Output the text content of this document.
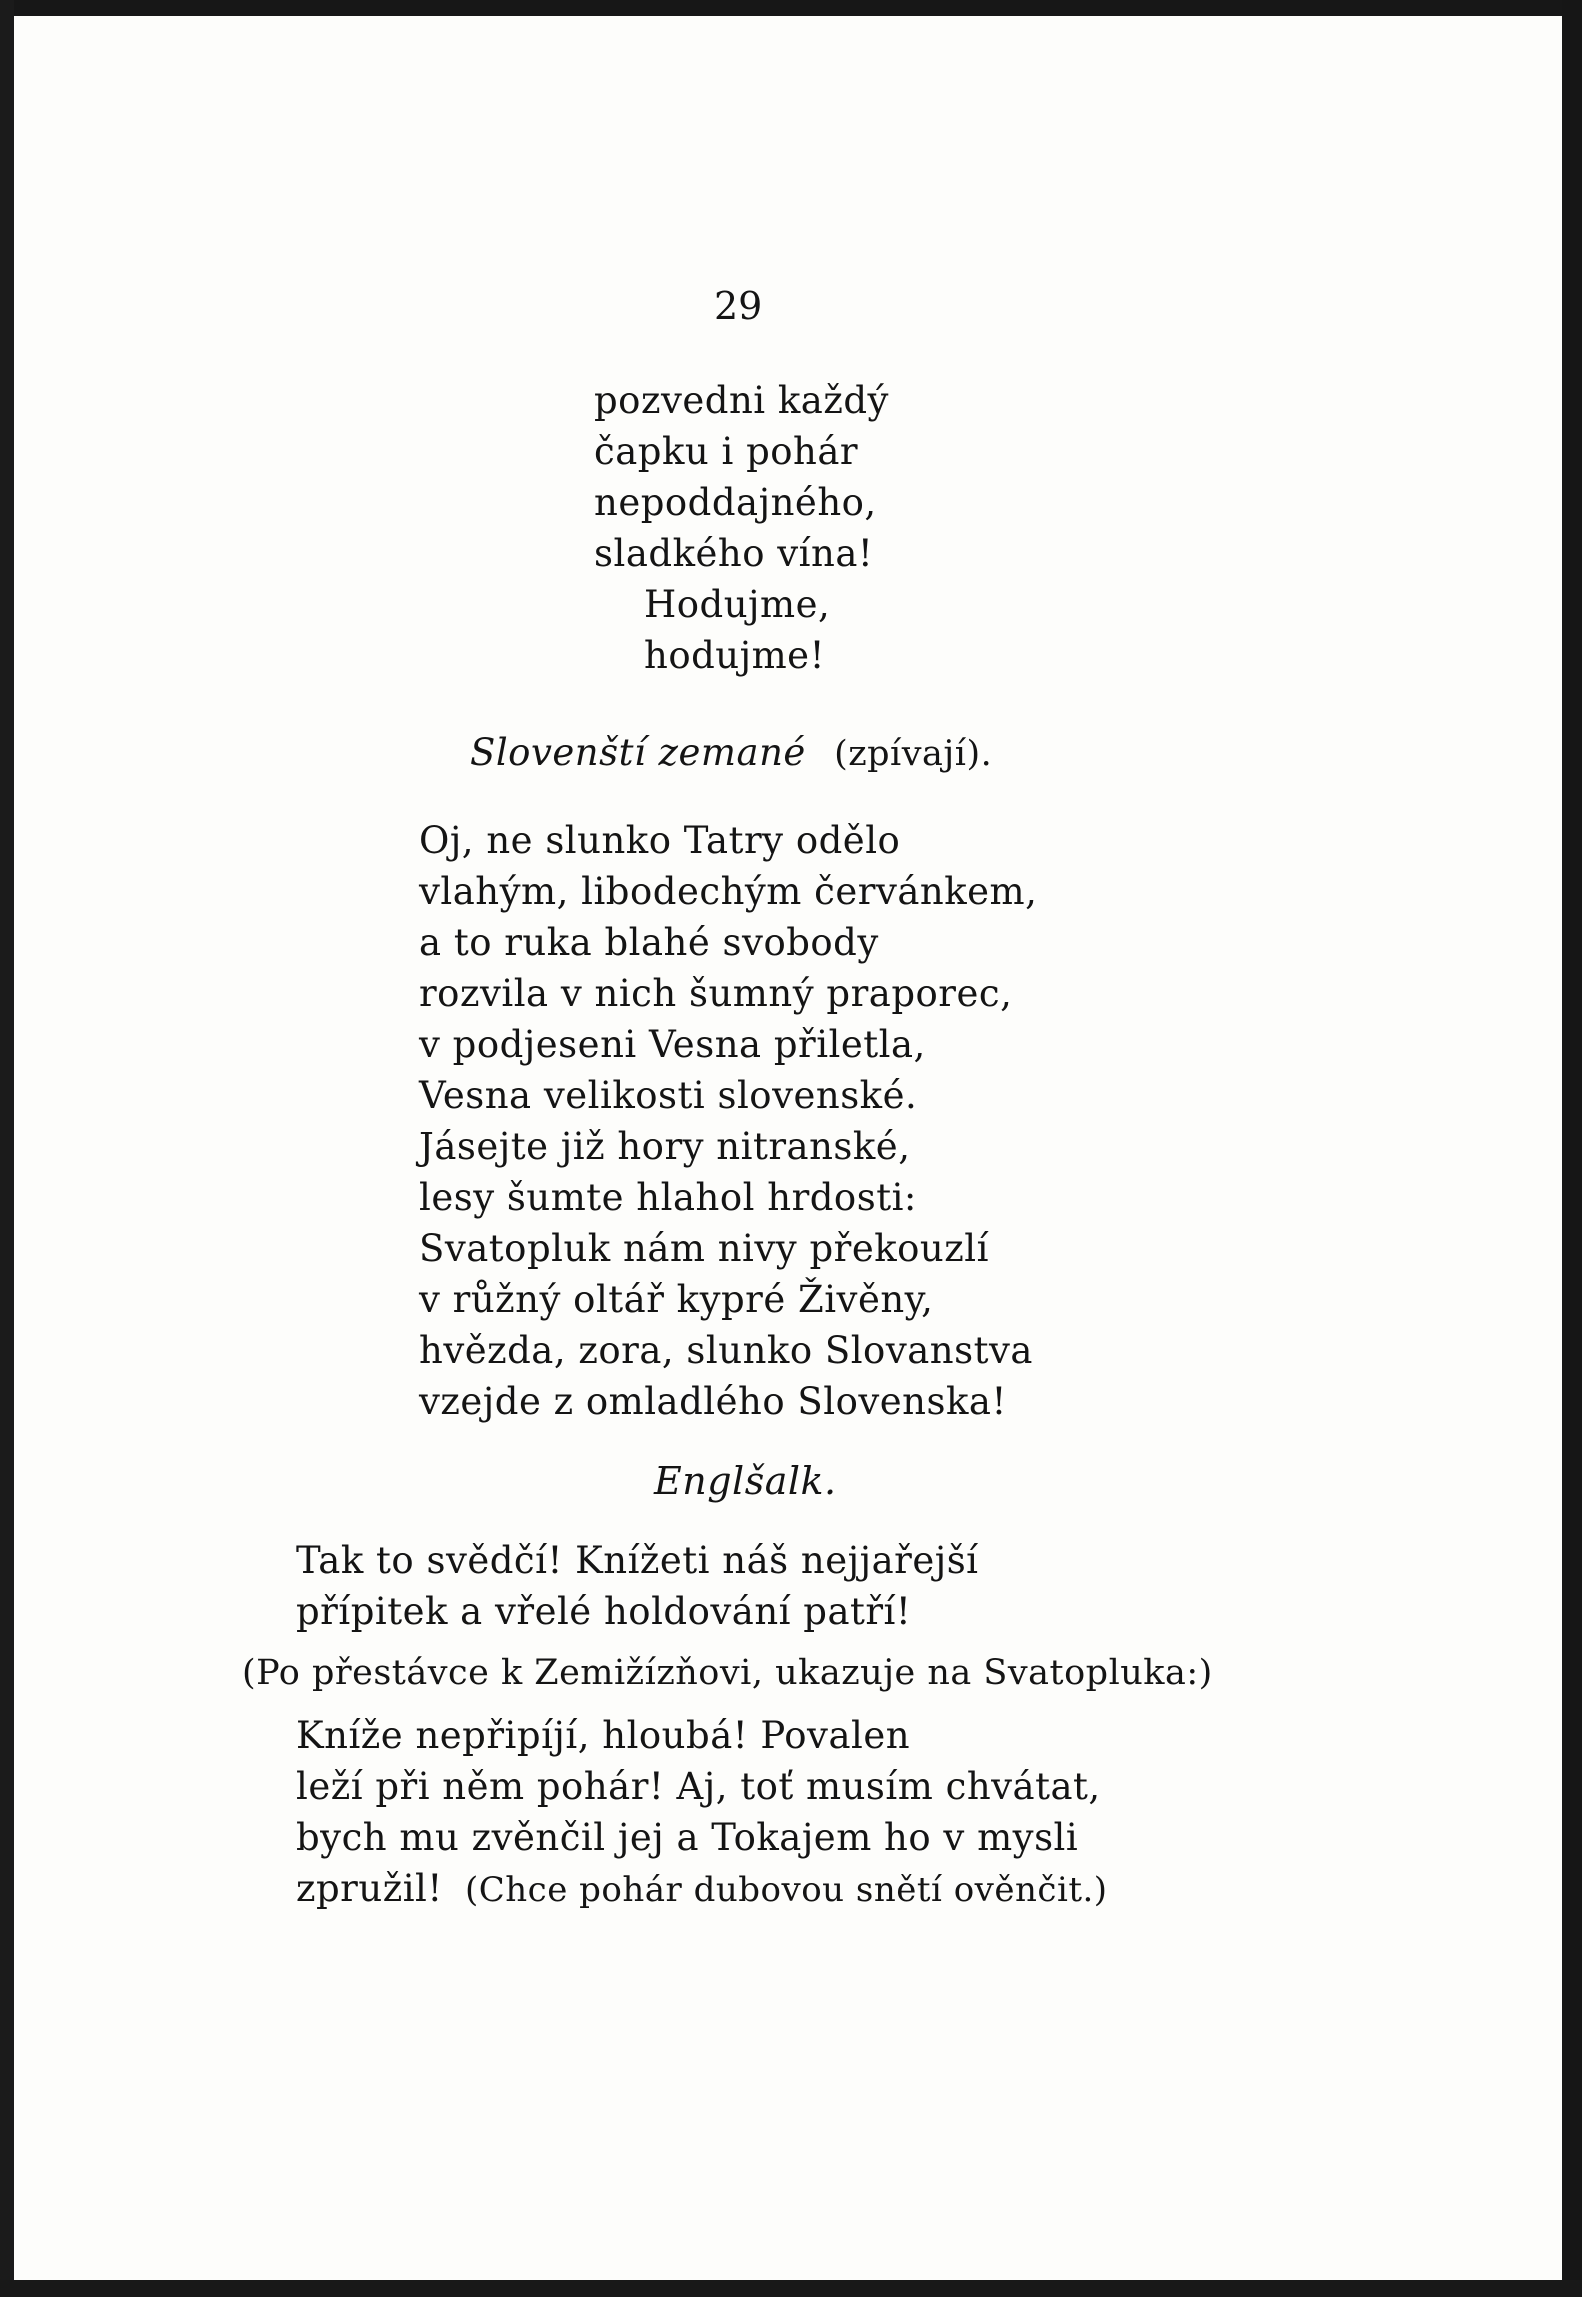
29
pozvedni každý
čapku i pohár
nepoddajného,
sladkého vína!
Hodujme,
hodujme!
Slovenští zemané (zpívají).
Oj, ne slunko Tatry odělo
vlahým, libodechým červánkem,
a to ruka blahé svobody
rozvila v nich šumný praporec,
v podjeseni Vesna přiletla,
Vesna velikosti slovenské.
Jásejte již hory nitranské,
lesy šumte hlahol hrdosti:
Svatopluk nám nivy překouzlí
v růžný oltář kypré Živěny,
hvězda, zora, slunko Slovanstva
vzejde z omladlého Slovenska!
Englšalk.
Tak to svědčí! Knížeti náš nejjařejší
přípitek a vřelé holdování patří!
(Po přestávce k Zemižízňovi, ukazuje na Svatopluka:)
Kníže nepřipíjí, hloubá! Povalen
leží při něm pohár! Aj, toť musím chvátat,
bych mu zvěnčil jej a Tokajem ho v mysli
zpružil! (Chce pohár dubovou snětí ověnčit.)
